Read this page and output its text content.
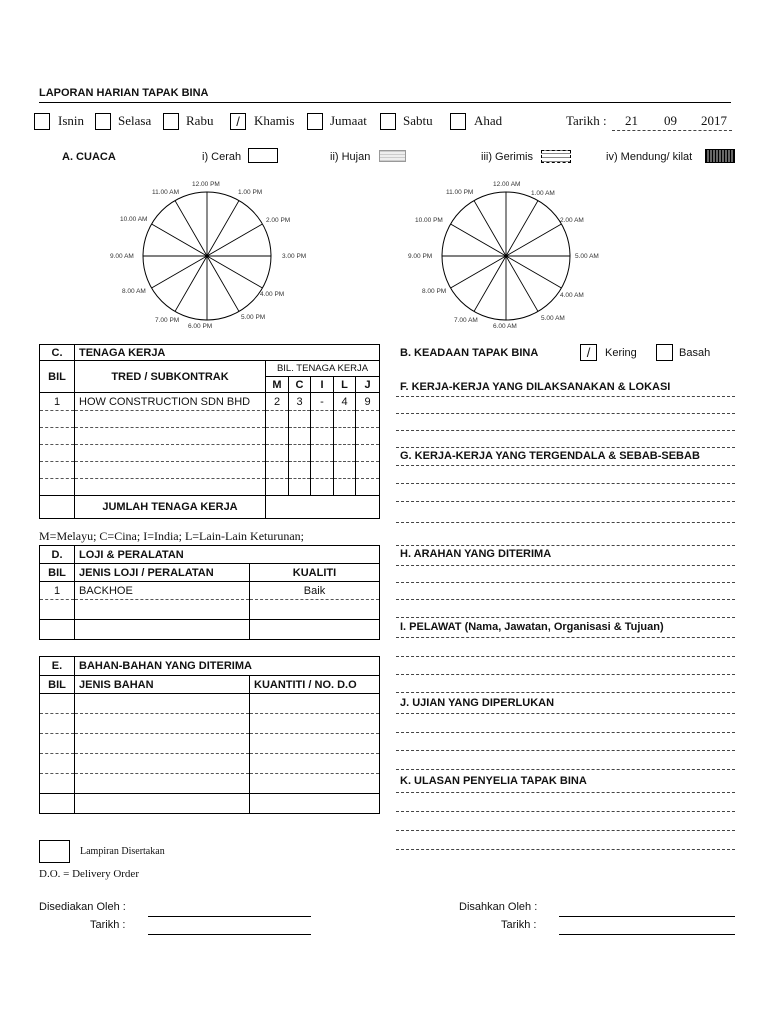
LAPORAN HARIAN TAPAK BINA
Isnin	Selasa	Rabu	/	Khamis	Jumaat	Sabtu	Ahad	Tarikh : 21 09 2017
A. CUACA	i) Cerah	ii) Hujan	iii) Gerimis	iv) Mendung/ kilat
12.00 PM
1.00 PM
2.00 PM
3.00 PM
4.00 PM
5.00 PM
6.00 PM
7.00 PM
8.00 AM
9.00 AM
10.00 AM
11.00 AM
12.00 AM
1.00 AM
2.00 AM
5.00 AM
4.00 AM
5.00 AM
6.00 AM
7.00 AM
8.00 PM
9.00 PM
10.00 PM
11.00 PM
C.	TENAGA KERJA					
BIL	TRED / SUBKONTRAK	BIL. TENAGA KERJA				
		M	C	I	L	J
1	HOW CONSTRUCTION SDN BHD	2	3	-	4	9

	JUMLAH TENAGA KERJA					
M=Melayu; C=Cina; I=India; L=Lain-Lain Keturunan;
D.	LOJI & PERALATAN	
BIL	JENIS LOJI / PERALATAN	KUALITI
1	BACKHOE	Baik

E.	BAHAN-BAHAN YANG DITERIMA	
BIL	JENIS BAHAN	KUANTITI / NO. D.O

B. KEADAAN TAPAK BINA	/	Kering	Basah
F. KERJA-KERJA YANG DILAKSANAKAN & LOKASI
G. KERJA-KERJA YANG TERGENDALA & SEBAB-SEBAB
H. ARAHAN YANG DITERIMA
I. PELAWAT (Nama, Jawatan, Organisasi & Tujuan)
J. UJIAN YANG DIPERLUKAN
K. ULASAN PENYELIA TAPAK BINA
Lampiran Disertakan
D.O. = Delivery Order
Disediakan Oleh :
Tarikh :
Disahkan Oleh :
Tarikh :
